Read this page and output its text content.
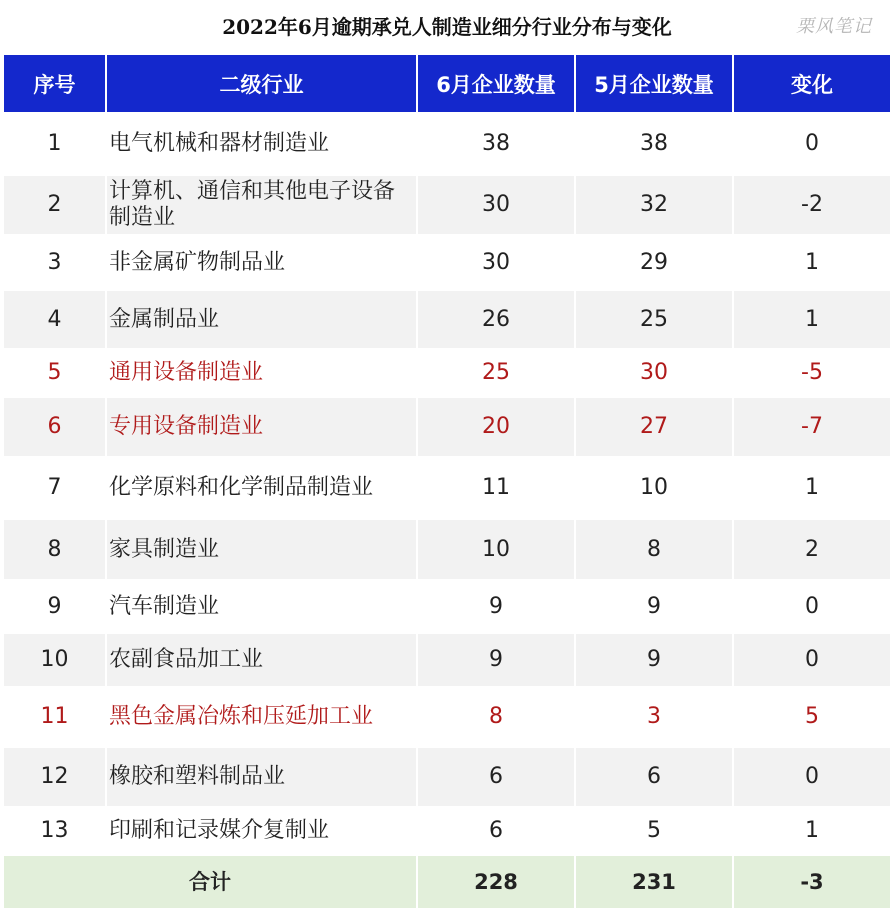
2022年6月逾期承兑人制造业细分行业分布与变化	栗风笔记
序号	二级行业	6月企业数量	5月企业数量	变化
1	电气机械和器材制造业	38	38	0
2	计算机、通信和其他电子设备制造业	30	32	-2
3	非金属矿物制品业	30	29	1
4	金属制品业	26	25	1
5	通用设备制造业	25	30	-5
6	专用设备制造业	20	27	-7
7	化学原料和化学制品制造业	11	10	1
8	家具制造业	10	8	2
9	汽车制造业	9	9	0
10	农副食品加工业	9	9	0
11	黑色金属冶炼和压延加工业	8	3	5
12	橡胶和塑料制品业	6	6	0
13	印刷和记录媒介复制业	6	5	1
合计		228	231	-3
